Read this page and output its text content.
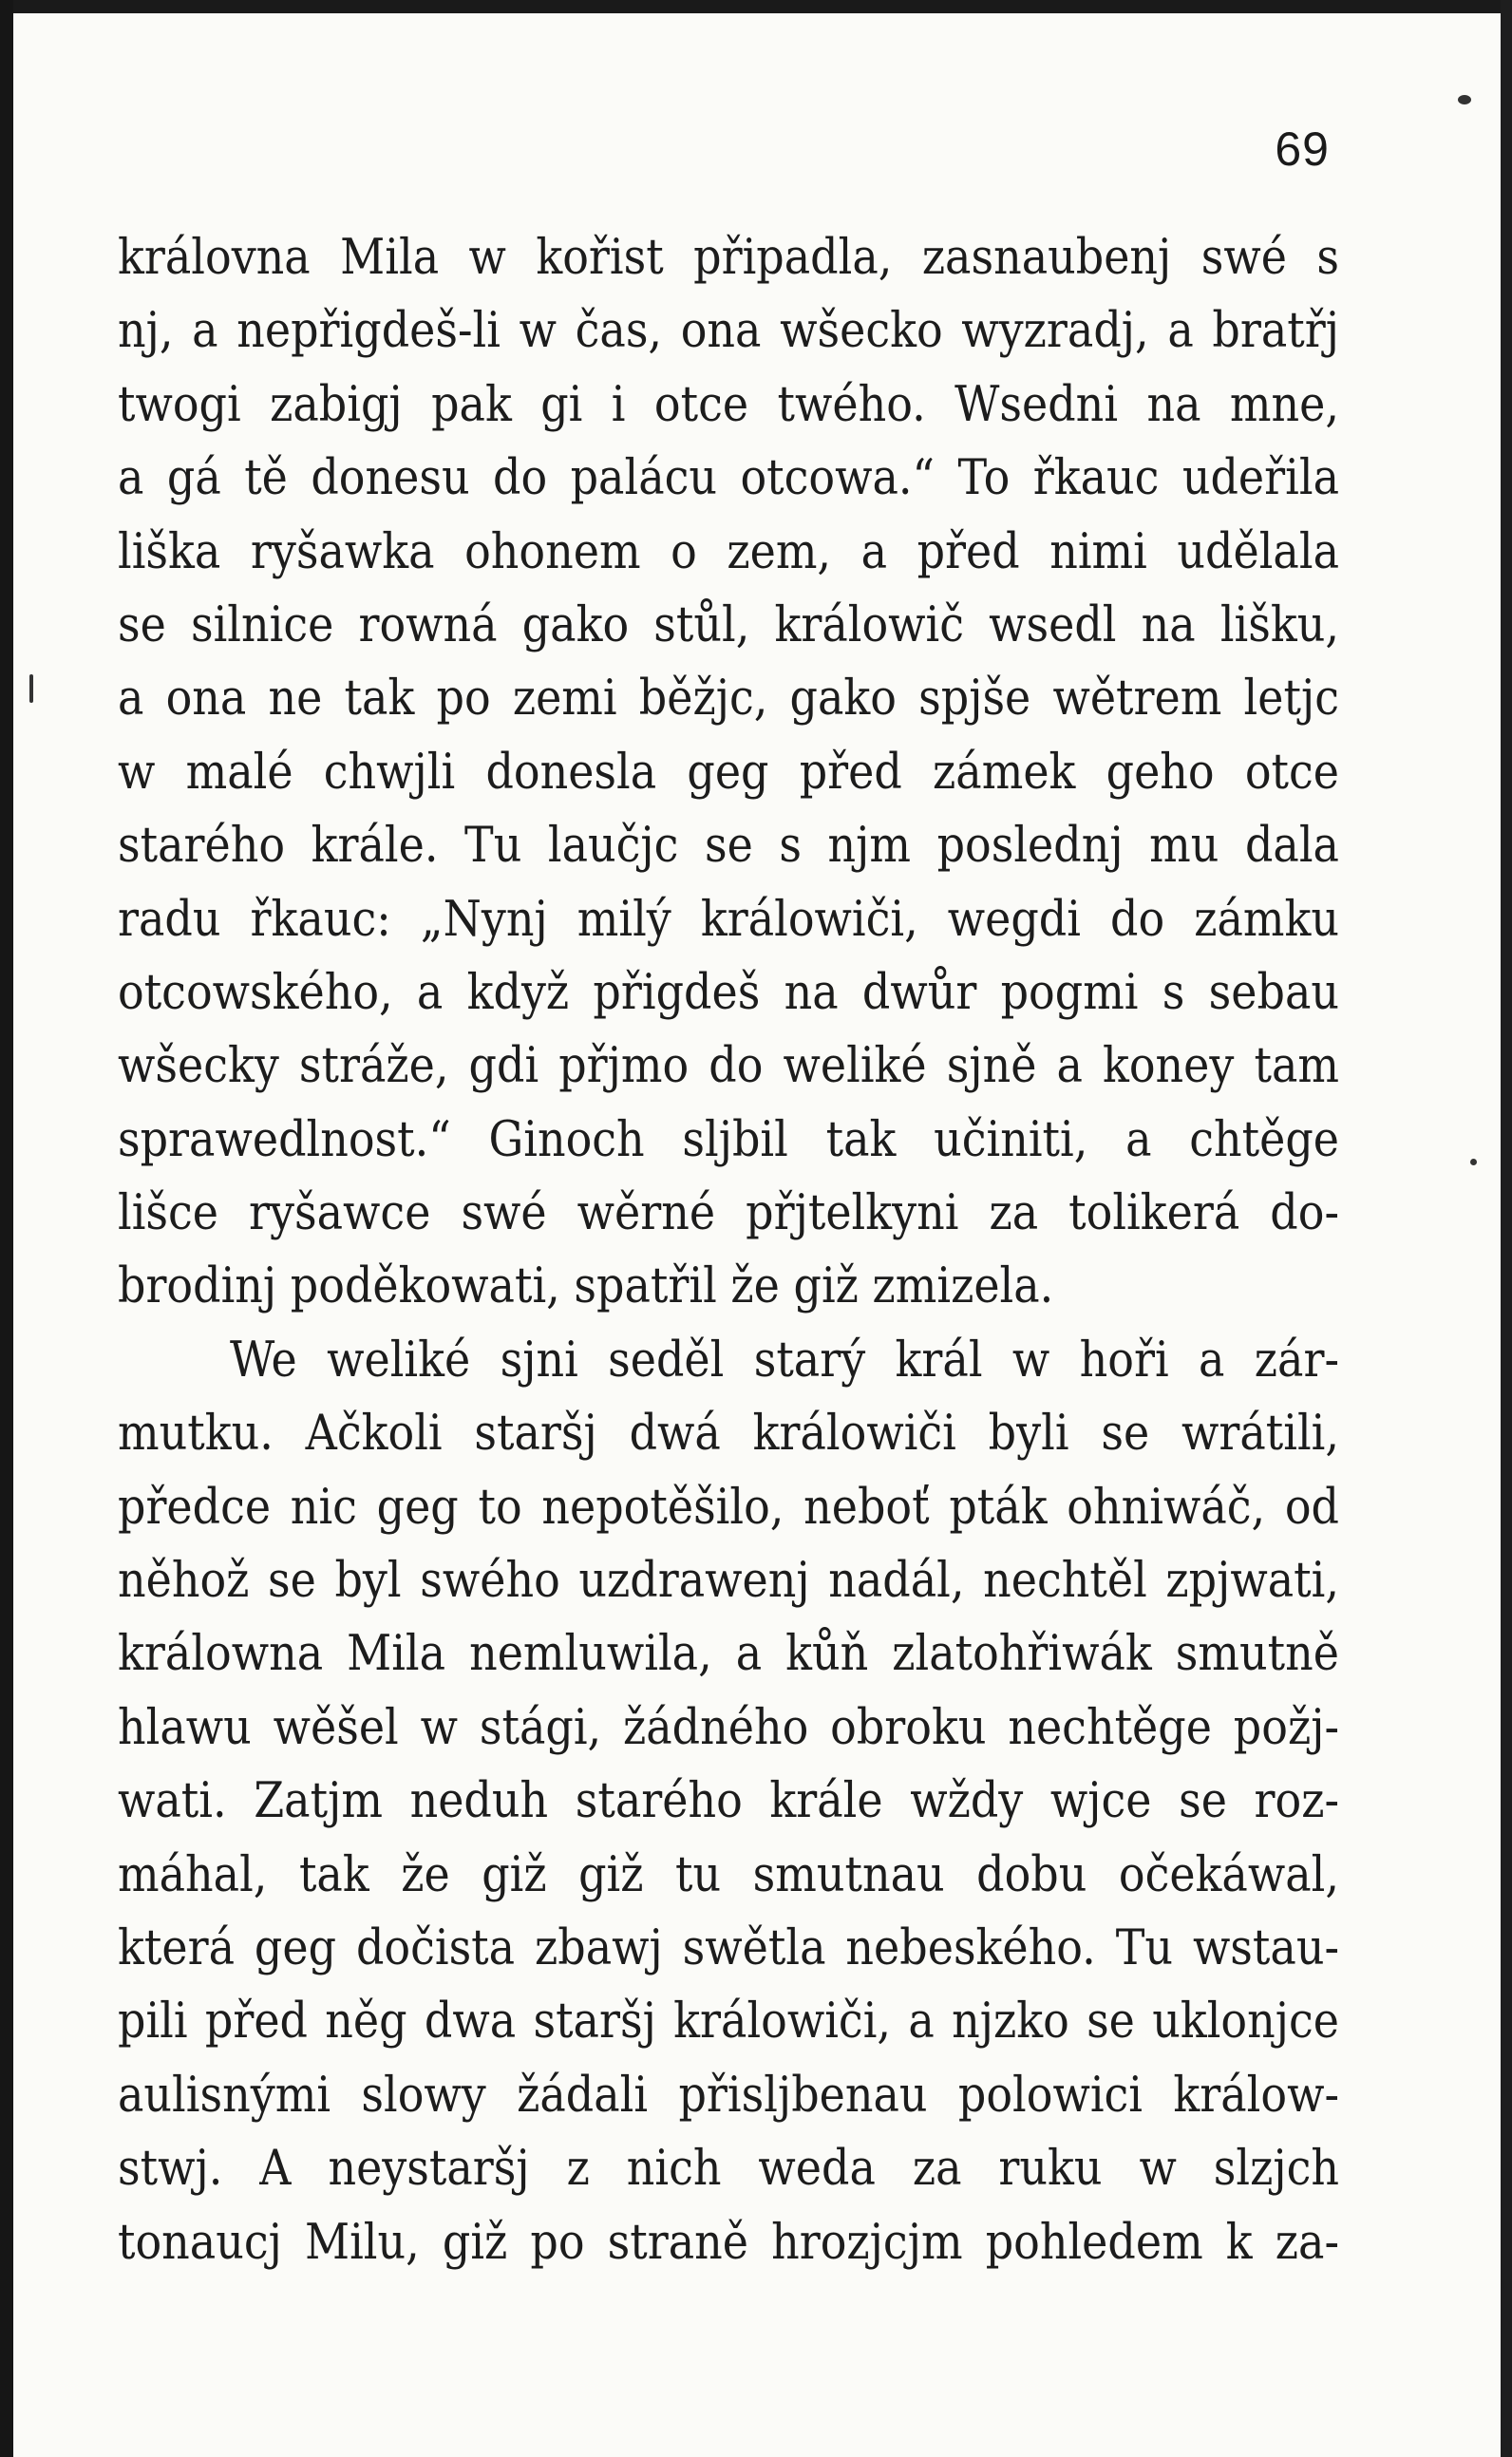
69
královna Mila w kořist připadla, zasnaubenj swé s
nj, a nepřigdeš-li w čas, ona wšecko wyzradj, a bratřj
twogi zabigj pak gi i otce twého. Wsedni na mne,
a gá tě donesu do palácu otcowa.“ To řkauc udeřila
liška ryšawka ohonem o zem, a před nimi udělala
se silnice rowná gako stůl, králowič wsedl na lišku,
a ona ne tak po zemi běžjc, gako spjše wětrem letjc
w malé chwjli donesla geg před zámek geho otce
starého krále. Tu laučjc se s njm poslednj mu dala
radu řkauc: „Nynj milý králowiči, wegdi do zámku
otcowského, a když přigdeš na dwůr pogmi s sebau
wšecky stráže, gdi přjmo do weliké sjně a koney tam
sprawedlnost.“ Ginoch sljbil tak učiniti, a chtěge
lišce ryšawce swé wěrné přjtelkyni za tolikerá do-
brodinj poděkowati, spatřil že giž zmizela.
We weliké sjni seděl starý král w hoři a zár-
mutku. Ačkoli staršj dwá králowiči byli se wrátili,
předce nic geg to nepotěšilo, neboť pták ohniwáč, od
něhož se byl swého uzdrawenj nadál, nechtěl zpjwati,
králowna Mila nemluwila, a kůň zlatohřiwák smutně
hlawu wěšel w stági, žádného obroku nechtěge požj-
wati. Zatjm neduh starého krále wždy wjce se roz-
máhal, tak že giž giž tu smutnau dobu očekáwal,
která geg dočista zbawj swětla nebeského. Tu wstau-
pili před něg dwa staršj králowiči, a njzko se uklonjce
aulisnými slowy žádali přisljbenau polowici králow-
stwj. A neystaršj z nich weda za ruku w slzjch
tonaucj Milu, giž po straně hrozjcjm pohledem k za-
